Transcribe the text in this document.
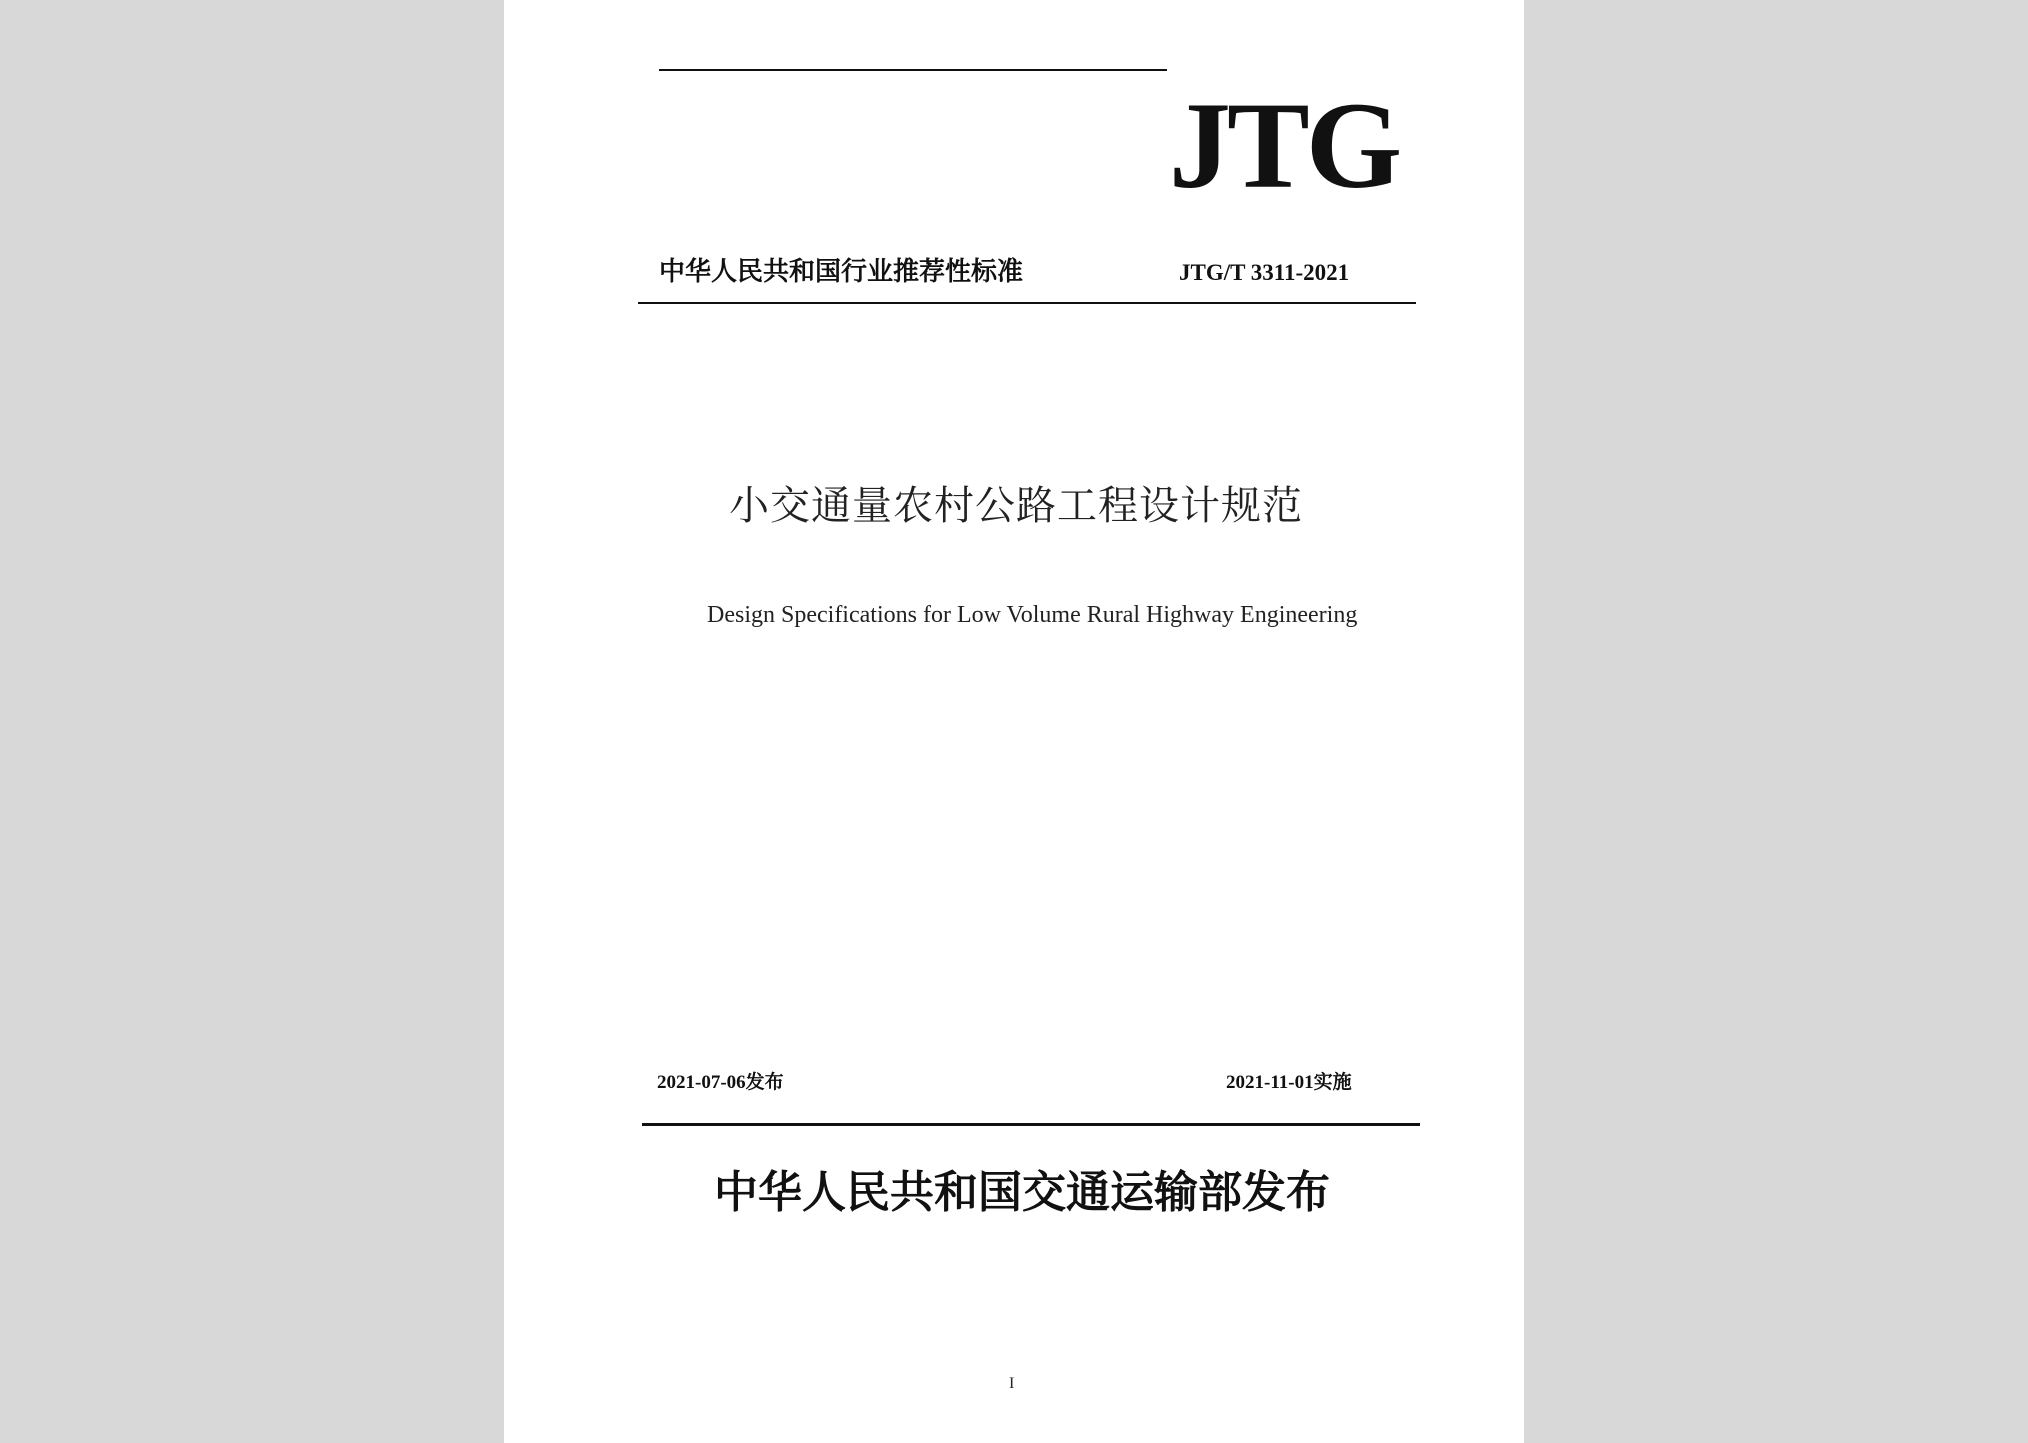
JTG
中华人民共和国行业推荐性标准	JTG/T 3311-2021
小交通量农村公路工程设计规范
Design Specifications for Low Volume Rural Highway Engineering
2021-07-06发布	2021-11-01实施
中华人民共和国交通运输部发布
I
